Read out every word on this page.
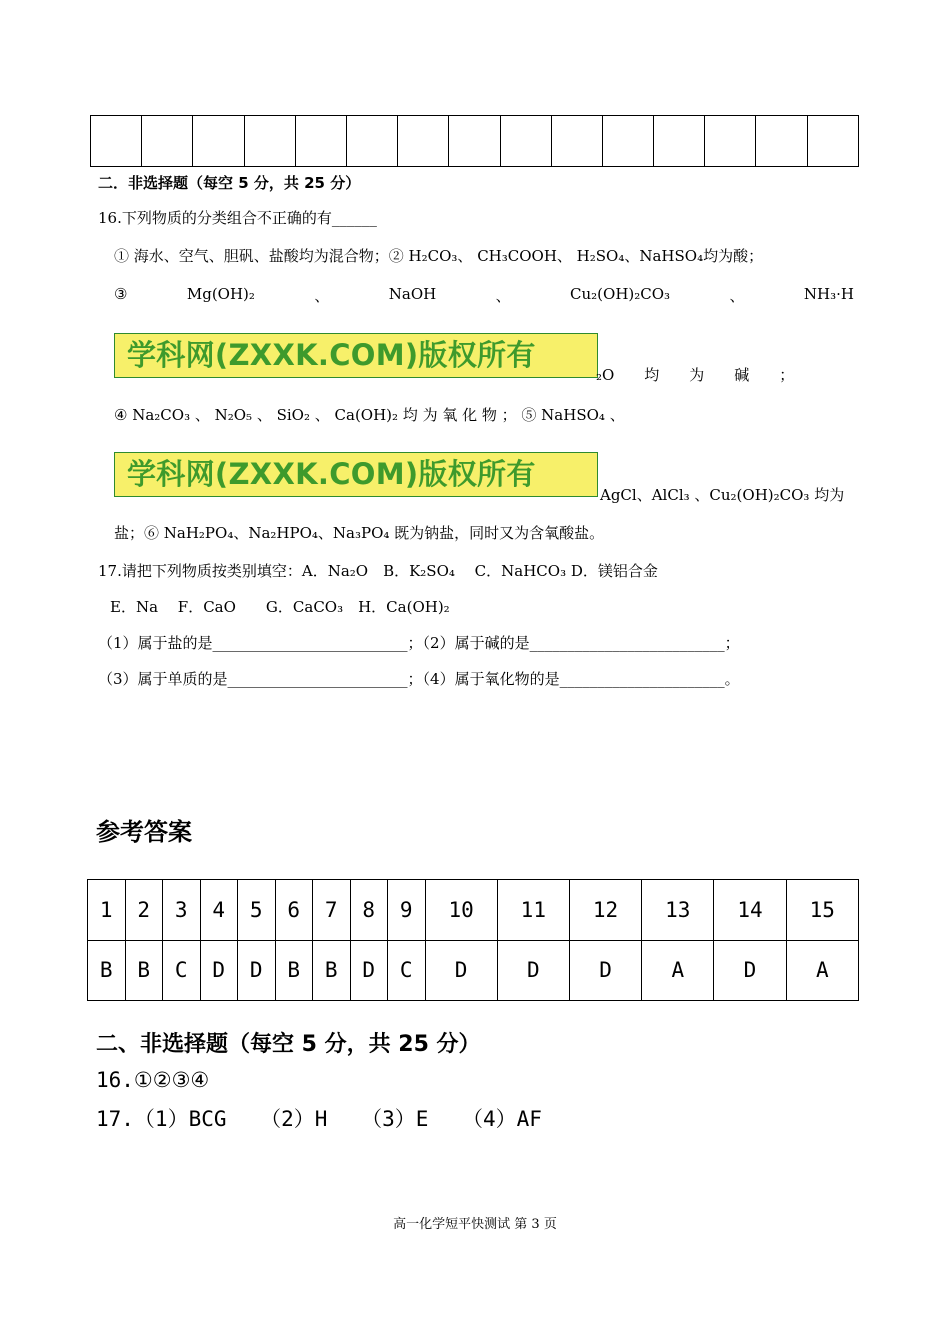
二．非选择题（每空 5 分，共 25 分）
16.下列物质的分类组合不正确的有______
① 海水、空气、胆矾、盐酸均为混合物；② H₂CO₃、 CH₃COOH、 H₂SO₄、NaHSO₄均为酸；
③	Mg(OH)₂	、	NaOH	、	Cu₂(OH)₂CO₃	、	NH₃·H
学科网(ZXXK.COM)版权所有
₂O　　均　　为　　碱　　；
④ Na₂CO₃ 、 N₂O₅ 、 SiO₂ 、 Ca(OH)₂ 均 为 氧 化 物 ； ⑤ NaHSO₄ 、
学科网(ZXXK.COM)版权所有
AgCl、AlCl₃ 、Cu₂(OH)₂CO₃ 均为
盐；⑥ NaH₂PO₄、Na₂HPO₄、Na₃PO₄ 既为钠盐，同时又为含氧酸盐。
17.请把下列物质按类别填空：A．Na₂O　B．K₂SO₄　 C．NaHCO₃ D．镁铝合金
E．Na　 F．CaO　　G．CaCO₃　H．Ca(OH)₂
（1）属于盐的是__________________________；（2）属于碱的是__________________________；
（3）属于单质的是________________________；（4）属于氧化物的是______________________。
参考答案
1	2	3	4	5	6	7	8	9	10	11	12	13	14	15
B	B	C	D	D	B	B	D	C	D	D	D	A	D	A
二、非选择题（每空 5 分，共 25 分）
16.①②③④
17.（1）BCG　 （2）H　 （3）E　 （4）AF
高一化学短平快测试 第 3 页
